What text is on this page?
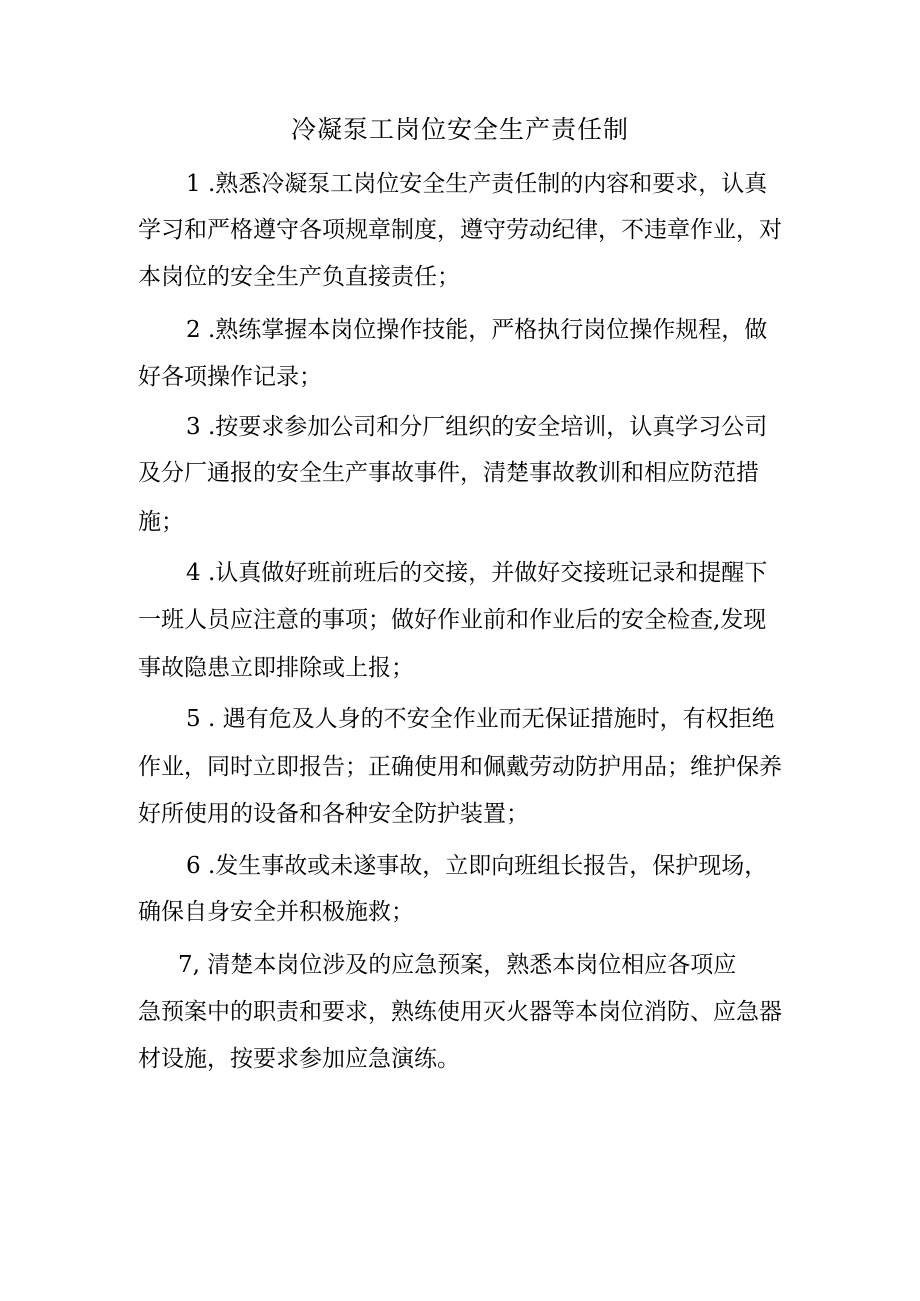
冷凝泵工岗位安全生产责任制
1 .熟悉冷凝泵工岗位安全生产责任制的内容和要求，认真
学习和严格遵守各项规章制度，遵守劳动纪律，不违章作业，对
本岗位的安全生产负直接责任；
2 .熟练掌握本岗位操作技能，严格执行岗位操作规程，做
好各项操作记录；
3 .按要求参加公司和分厂组织的安全培训，认真学习公司
及分厂通报的安全生产事故事件，清楚事故教训和相应防范措
施；
4 .认真做好班前班后的交接，并做好交接班记录和提醒下
一班人员应注意的事项；做好作业前和作业后的安全检查,发现
事故隐患立即排除或上报；
5 . 遇有危及人身的不安全作业而无保证措施时，有权拒绝
作业，同时立即报告；正确使用和佩戴劳动防护用品；维护保养
好所使用的设备和各种安全防护装置；
6 .发生事故或未遂事故，立即向班组长报告，保护现场，
确保自身安全并积极施救；
7, 清楚本岗位涉及的应急预案，熟悉本岗位相应各项应
急预案中的职责和要求，熟练使用灭火器等本岗位消防、应急器
材设施，按要求参加应急演练。
